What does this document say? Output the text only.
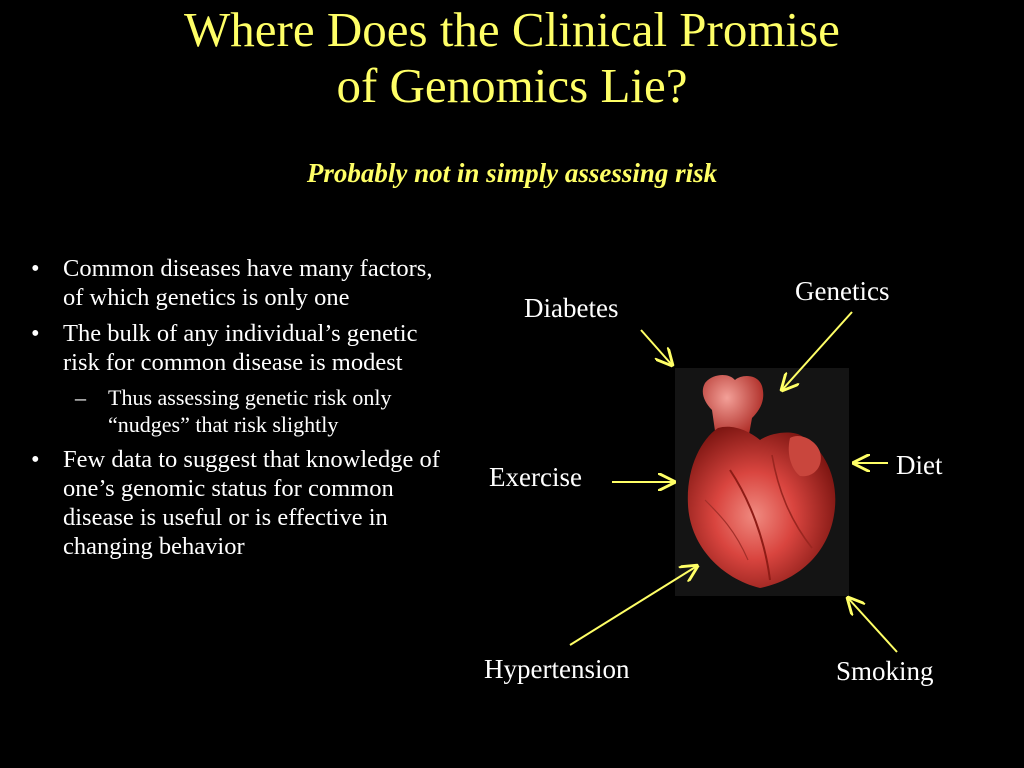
Where Does the Clinical Promise
of Genomics Lie?
Probably not in simply assessing risk
• Common diseases have many factors, of which genetics is only one
• The bulk of any individual’s genetic risk for common disease is modest
– Thus assessing genetic risk only “nudges” that risk slightly
• Few data to suggest that knowledge of one’s genomic status for common disease is useful or is effective in changing behavior
Diabetes
Genetics
Exercise	Diet
Hypertension	Smoking
